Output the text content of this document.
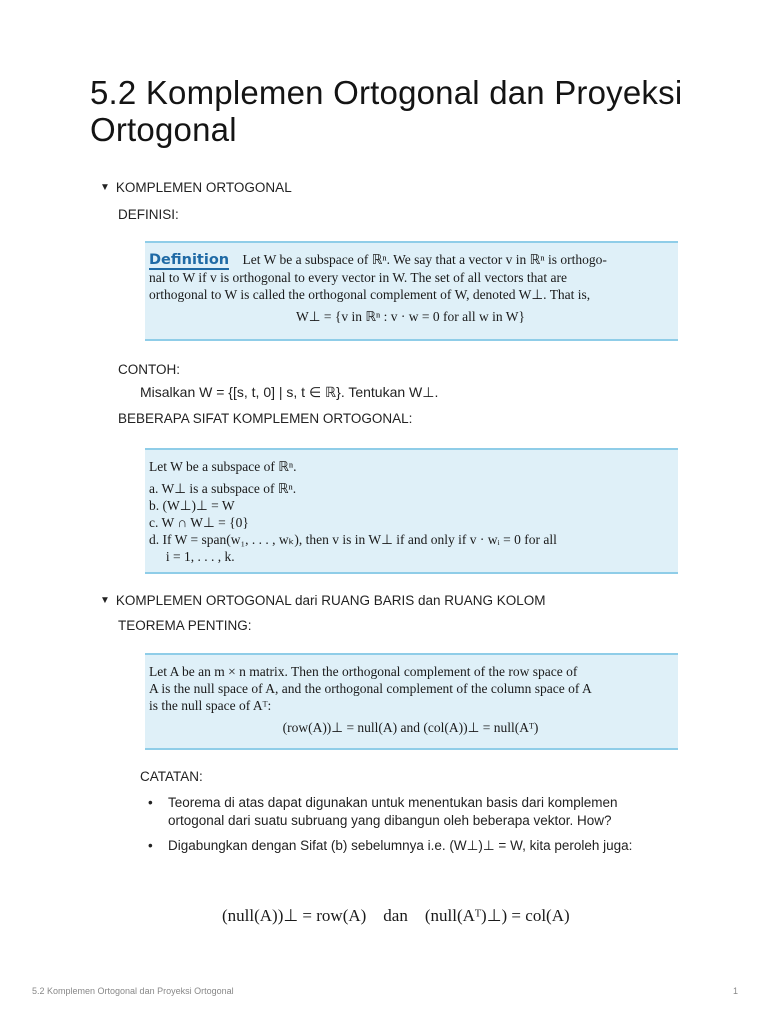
5.2 Komplemen Ortogonal dan Proyeksi Ortogonal
▼ KOMPLEMEN ORTOGONAL
DEFINISI:
Definition Let W be a subspace of ℝⁿ. We say that a vector v in ℝⁿ is orthogo-
nal to W if v is orthogonal to every vector in W. The set of all vectors that are
orthogonal to W is called the orthogonal complement of W, denoted W⊥. That is,
W⊥ = {v in ℝⁿ : v · w = 0 for all w in W}
CONTOH:
Misalkan W = {[s, t, 0] | s, t ∈ ℝ}. Tentukan W⊥.
BEBERAPA SIFAT KOMPLEMEN ORTOGONAL:
Let W be a subspace of ℝⁿ.
a. W⊥ is a subspace of ℝⁿ.
b. (W⊥)⊥ = W
c. W ∩ W⊥ = {0}
d. If W = span(w₁, . . . , wₖ), then v is in W⊥ if and only if v · wᵢ = 0 for all
i = 1, . . . , k.
▼ KOMPLEMEN ORTOGONAL dari RUANG BARIS dan RUANG KOLOM
TEOREMA PENTING:
Let A be an m × n matrix. Then the orthogonal complement of the row space of
A is the null space of A, and the orthogonal complement of the column space of A
is the null space of Aᵀ:
(row(A))⊥ = null(A) and (col(A))⊥ = null(Aᵀ)
CATATAN:
• Teorema di atas dapat digunakan untuk menentukan basis dari komplemen ortogonal dari suatu subruang yang dibangun oleh beberapa vektor. How?
• Digabungkan dengan Sifat (b) sebelumnya i.e. (W⊥)⊥ = W, kita peroleh juga:
(null(A))⊥ = row(A)    dan    (null(Aᵀ)⊥) = col(A)
5.2 Komplemen Ortogonal dan Proyeksi Ortogonal	1
